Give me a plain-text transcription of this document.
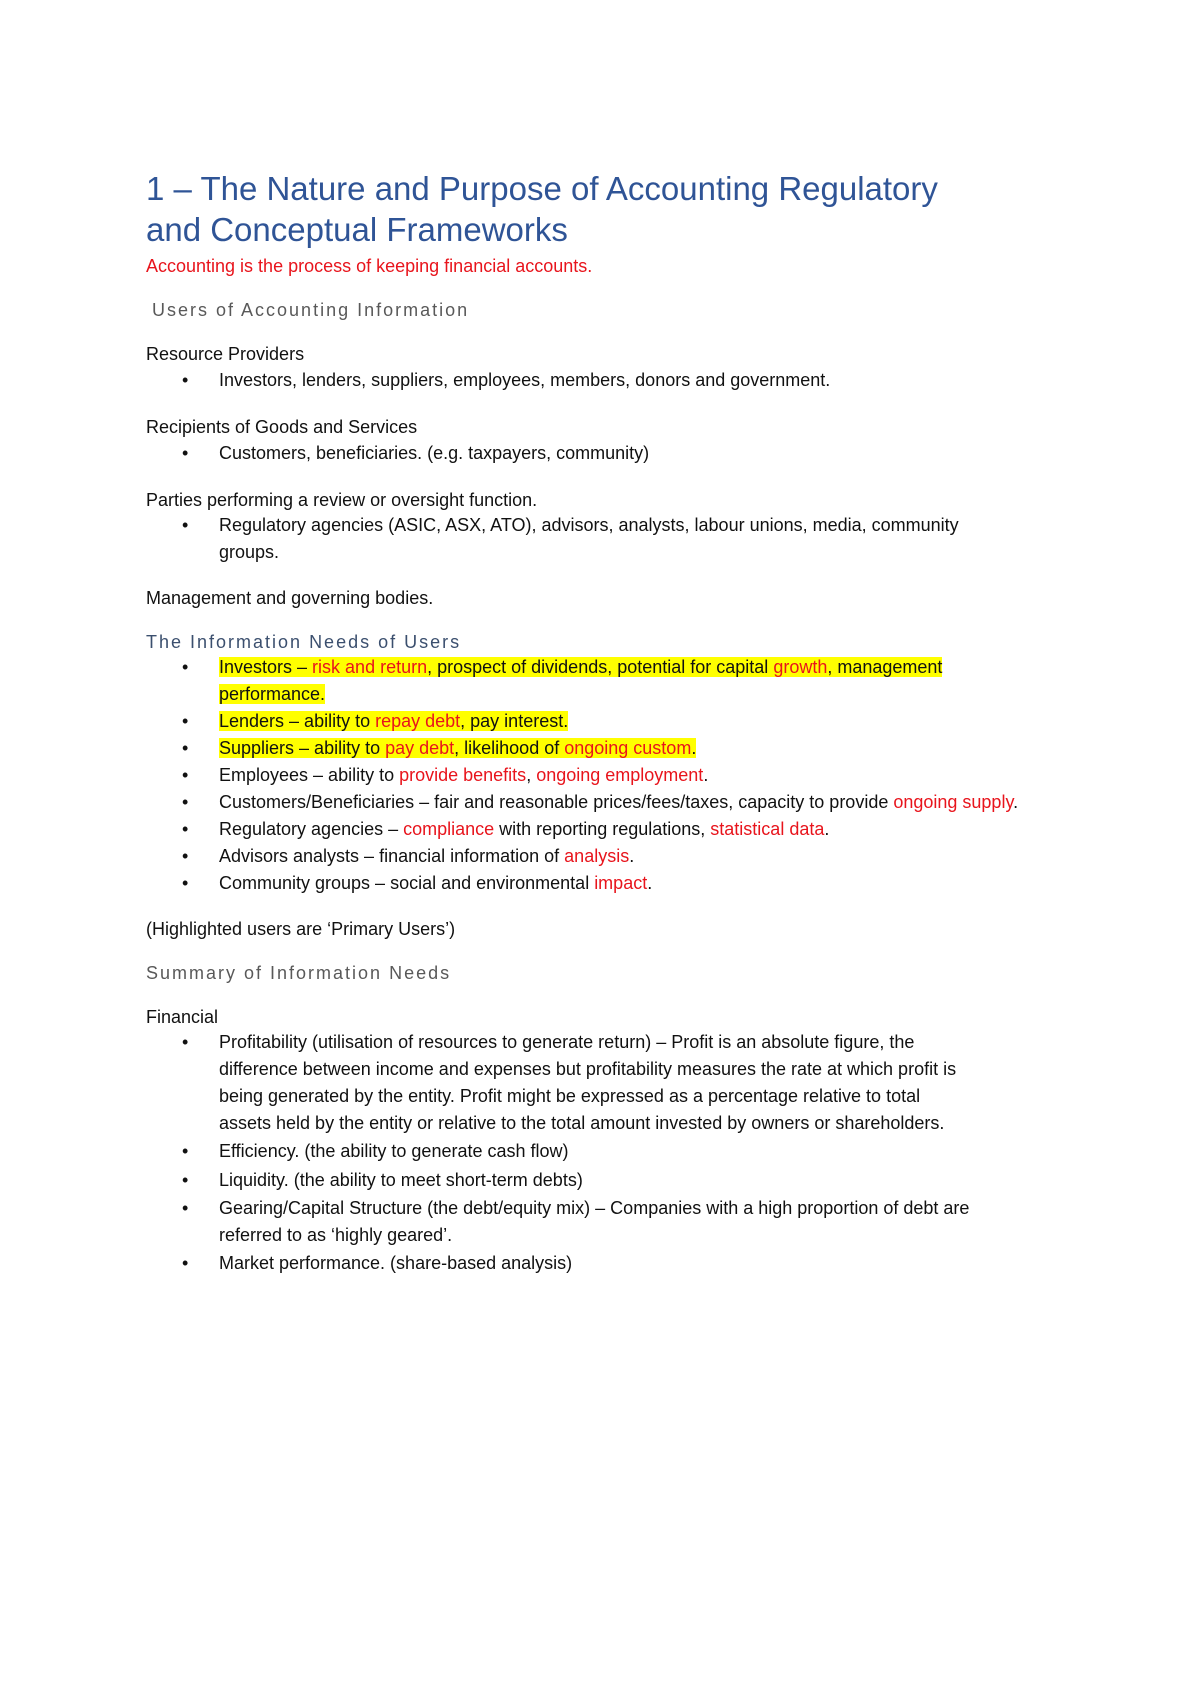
1 – The Nature and Purpose of Accounting Regulatory
and Conceptual Frameworks

Accounting is the process of keeping financial accounts.

Users of Accounting Information

Resource Providers

• Investors, lenders, suppliers, employees, members, donors and government.

Recipients of Goods and Services

• Customers, beneficiaries. (e.g. taxpayers, community)

Parties performing a review or oversight function.

• Regulatory agencies (ASIC, ASX, ATO), advisors, analysts, labour unions, media, community groups.

Management and governing bodies.

The Information Needs of Users

• Investors – risk and return, prospect of dividends, potential for capital growth, management performance.
• Lenders – ability to repay debt, pay interest.
• Suppliers – ability to pay debt, likelihood of ongoing custom.
• Employees – ability to provide benefits, ongoing employment.
• Customers/Beneficiaries – fair and reasonable prices/fees/taxes, capacity to provide ongoing supply.
• Regulatory agencies – compliance with reporting regulations, statistical data.
• Advisors analysts – financial information of analysis.
• Community groups – social and environmental impact.

(Highlighted users are ‘Primary Users’)

Summary of Information Needs

Financial

• Profitability (utilisation of resources to generate return) – Profit is an absolute figure, the difference between income and expenses but profitability measures the rate at which profit is being generated by the entity. Profit might be expressed as a percentage relative to total assets held by the entity or relative to the total amount invested by owners or shareholders.
• Efficiency. (the ability to generate cash flow)
• Liquidity. (the ability to meet short-term debts)
• Gearing/Capital Structure (the debt/equity mix) – Companies with a high proportion of debt are referred to as ‘highly geared’.
• Market performance. (share-based analysis)
